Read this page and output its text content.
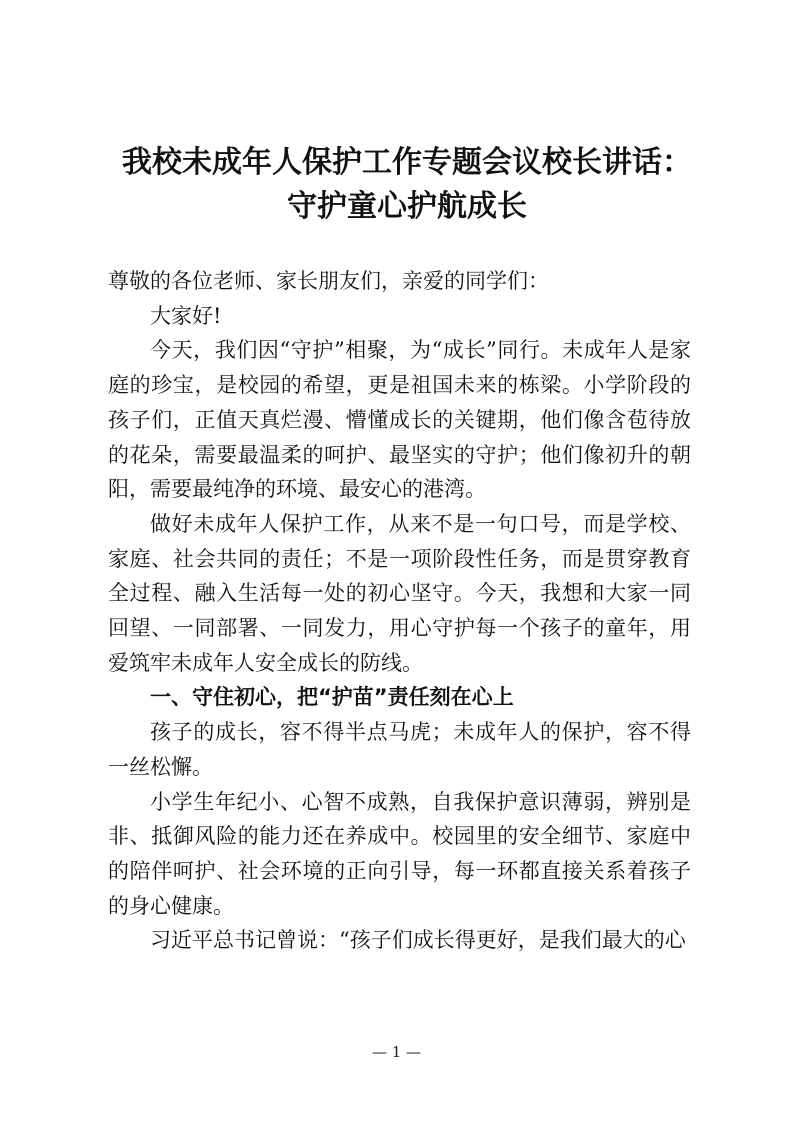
我校未成年人保护工作专题会议校长讲话：
守护童心护航成长

尊敬的各位老师、家长朋友们，亲爱的同学们：

大家好!

今天，我们因“守护”相聚，为“成长”同行。未成年人是家庭的珍宝，是校园的希望，更是祖国未来的栋梁。小学阶段的孩子们，正值天真烂漫、懵懂成长的关键期，他们像含苞待放的花朵，需要最温柔的呵护、最坚实的守护；他们像初升的朝阳，需要最纯净的环境、最安心的港湾。

做好未成年人保护工作，从来不是一句口号，而是学校、家庭、社会共同的责任；不是一项阶段性任务，而是贯穿教育全过程、融入生活每一处的初心坚守。今天，我想和大家一同回望、一同部署、一同发力，用心守护每一个孩子的童年，用爱筑牢未成年人安全成长的防线。

一、守住初心，把“护苗”责任刻在心上

孩子的成长，容不得半点马虎；未成年人的保护，容不得一丝松懈。

小学生年纪小、心智不成熟，自我保护意识薄弱，辨别是非、抵御风险的能力还在养成中。校园里的安全细节、家庭中的陪伴呵护、社会环境的正向引导，每一环都直接关系着孩子的身心健康。

习近平总书记曾说：“孩子们成长得更好，是我们最大的心

— 1 —
